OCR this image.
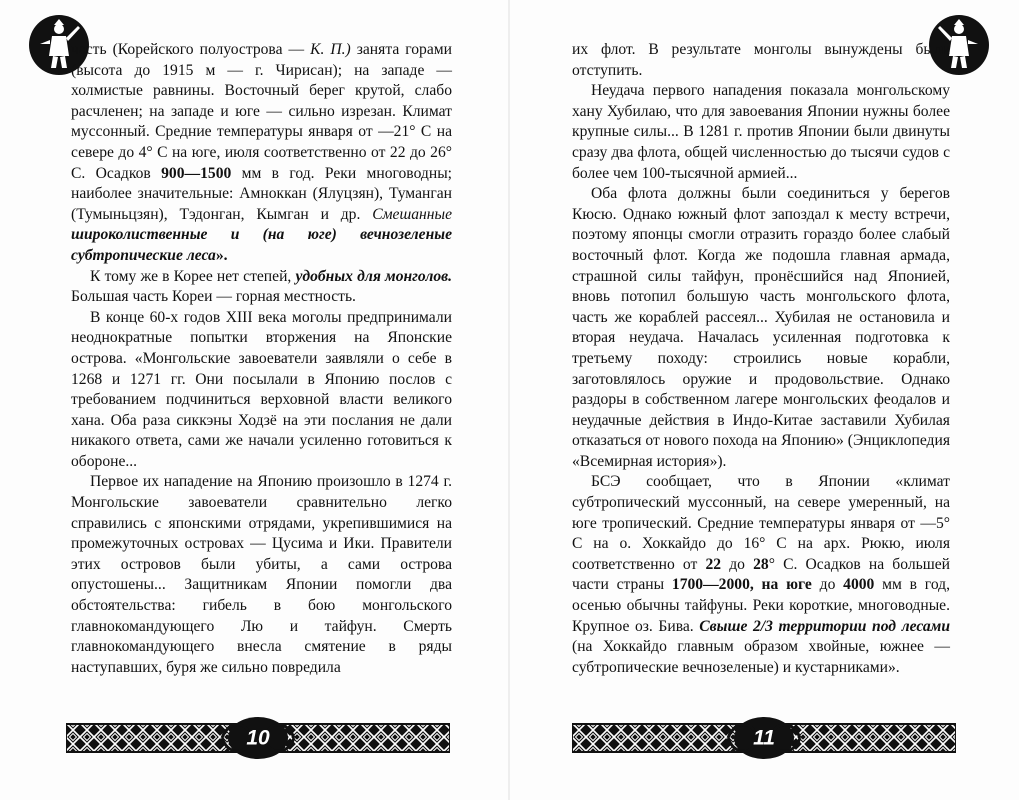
часть (Корейского полуострова — К. П.) занята горами (высота до 1915 м — г. Чирисан); на западе — холмистые равнины. Восточный берег крутой, слабо расчленен; на западе и юге — сильно изрезан. Климат муссонный. Средние температуры января от —21° С на севере до 4° С на юге, июля соответственно от 22 до 26° С. Осадков 900—1500 мм в год. Реки многоводны; наиболее значительные: Амноккан (Ялуцзян), Туманган (Тумыньцзян), Тэдонган, Кымган и др. Смешанные широколиственные и (на юге) вечнозеленые субтропические леса».

К тому же в Корее нет степей, удобных для монголов. Большая часть Кореи — горная местность.

В конце 60-х годов XIII века моголы предпринимали неоднократные попытки вторжения на Японские острова. «Монгольские завоеватели заявляли о себе в 1268 и 1271 гг. Они посылали в Японию послов с требованием подчиниться верховной власти великого хана. Оба раза сиккэны Ходзё на эти послания не дали никакого ответа, сами же начали усиленно готовиться к обороне...

Первое их нападение на Японию произошло в 1274 г. Монгольские завоеватели сравнительно легко справились с японскими отрядами, укрепившимися на промежуточных островах — Цусима и Ики. Правители этих островов были убиты, а сами острова опустошены... Защитникам Японии помогли два обстоятельства: гибель в бою монгольского главнокомандующего Лю и тайфун. Смерть главнокомандующего внесла смятение в ряды наступавших, буря же сильно повредила

10

их флот. В результате монголы вынуждены были отступить.

Неудача первого нападения показала монгольскому хану Хубилаю, что для завоевания Японии нужны более крупные силы... В 1281 г. против Японии были двинуты сразу два флота, общей численностью до тысячи судов с более чем 100-тысячной армией...

Оба флота должны были соединиться у берегов Кюсю. Однако южный флот запоздал к месту встречи, поэтому японцы смогли отразить гораздо более слабый восточный флот. Когда же подошла главная армада, страшной силы тайфун, пронёсшийся над Японией, вновь потопил большую часть монгольского флота, часть же кораблей рассеял... Хубилая не остановила и вторая неудача. Началась усиленная подготовка к третьему походу: строились новые корабли, заготовлялось оружие и продовольствие. Однако раздоры в собственном лагере монгольских феодалов и неудачные действия в Индо-Китае заставили Хубилая отказаться от нового похода на Японию» (Энциклопедия «Всемирная история»).

БСЭ сообщает, что в Японии «климат субтропический муссонный, на севере умеренный, на юге тропический. Средние температуры января от —5° С на о. Хоккайдо до 16° С на арх. Рюкю, июля соответственно от 22 до 28° С. Осадков на большей части страны 1700—2000, на юге до 4000 мм в год, осенью обычны тайфуны. Реки короткие, многоводные. Крупное оз. Бива. Свыше 2/3 территории под лесами (на Хоккайдо главным образом хвойные, южнее — субтропические вечнозеленые) и кустарниками».

11
